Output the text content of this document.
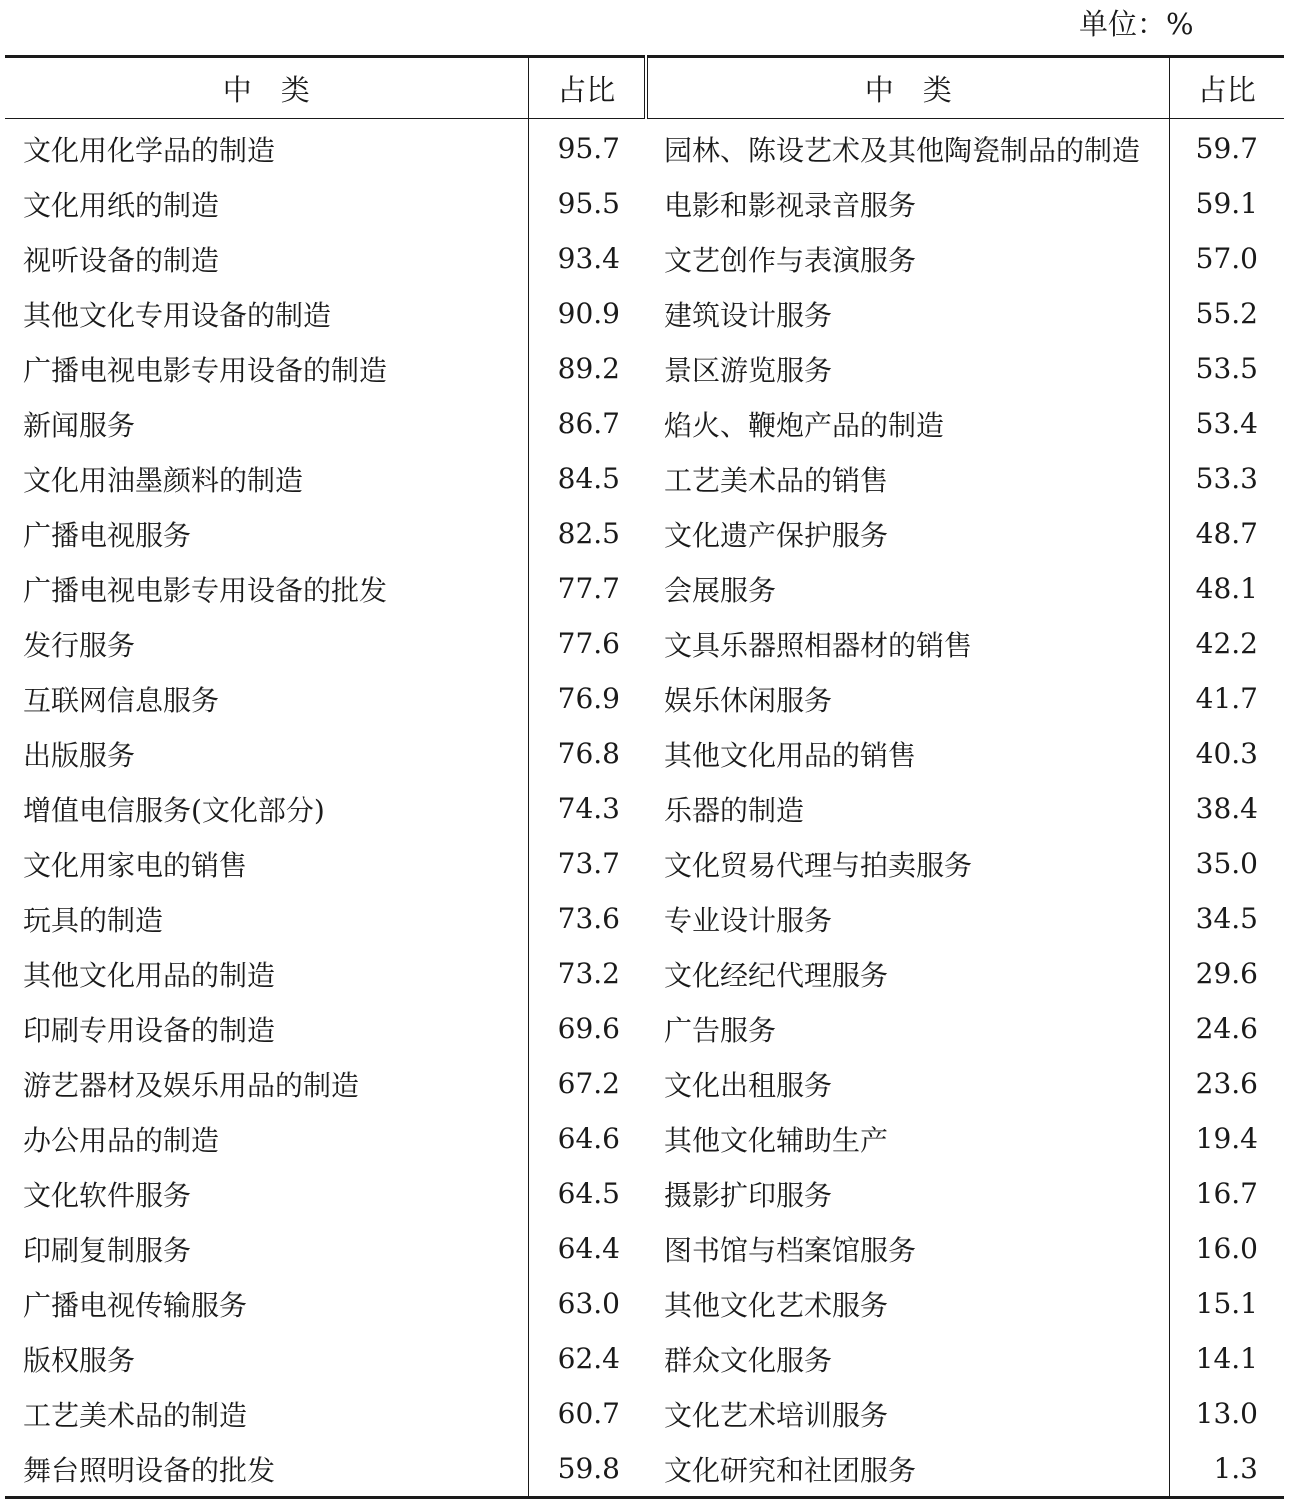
单位：%
中　类	占比	中　类	占比
文化用化学品的制造	95.7	园林、陈设艺术及其他陶瓷制品的制造	59.7
文化用纸的制造	95.5	电影和影视录音服务	59.1
视听设备的制造	93.4	文艺创作与表演服务	57.0
其他文化专用设备的制造	90.9	建筑设计服务	55.2
广播电视电影专用设备的制造	89.2	景区游览服务	53.5
新闻服务	86.7	焰火、鞭炮产品的制造	53.4
文化用油墨颜料的制造	84.5	工艺美术品的销售	53.3
广播电视服务	82.5	文化遗产保护服务	48.7
广播电视电影专用设备的批发	77.7	会展服务	48.1
发行服务	77.6	文具乐器照相器材的销售	42.2
互联网信息服务	76.9	娱乐休闲服务	41.7
出版服务	76.8	其他文化用品的销售	40.3
增值电信服务(文化部分)	74.3	乐器的制造	38.4
文化用家电的销售	73.7	文化贸易代理与拍卖服务	35.0
玩具的制造	73.6	专业设计服务	34.5
其他文化用品的制造	73.2	文化经纪代理服务	29.6
印刷专用设备的制造	69.6	广告服务	24.6
游艺器材及娱乐用品的制造	67.2	文化出租服务	23.6
办公用品的制造	64.6	其他文化辅助生产	19.4
文化软件服务	64.5	摄影扩印服务	16.7
印刷复制服务	64.4	图书馆与档案馆服务	16.0
广播电视传输服务	63.0	其他文化艺术服务	15.1
版权服务	62.4	群众文化服务	14.1
工艺美术品的制造	60.7	文化艺术培训服务	13.0
舞台照明设备的批发	59.8	文化研究和社团服务	1.3
